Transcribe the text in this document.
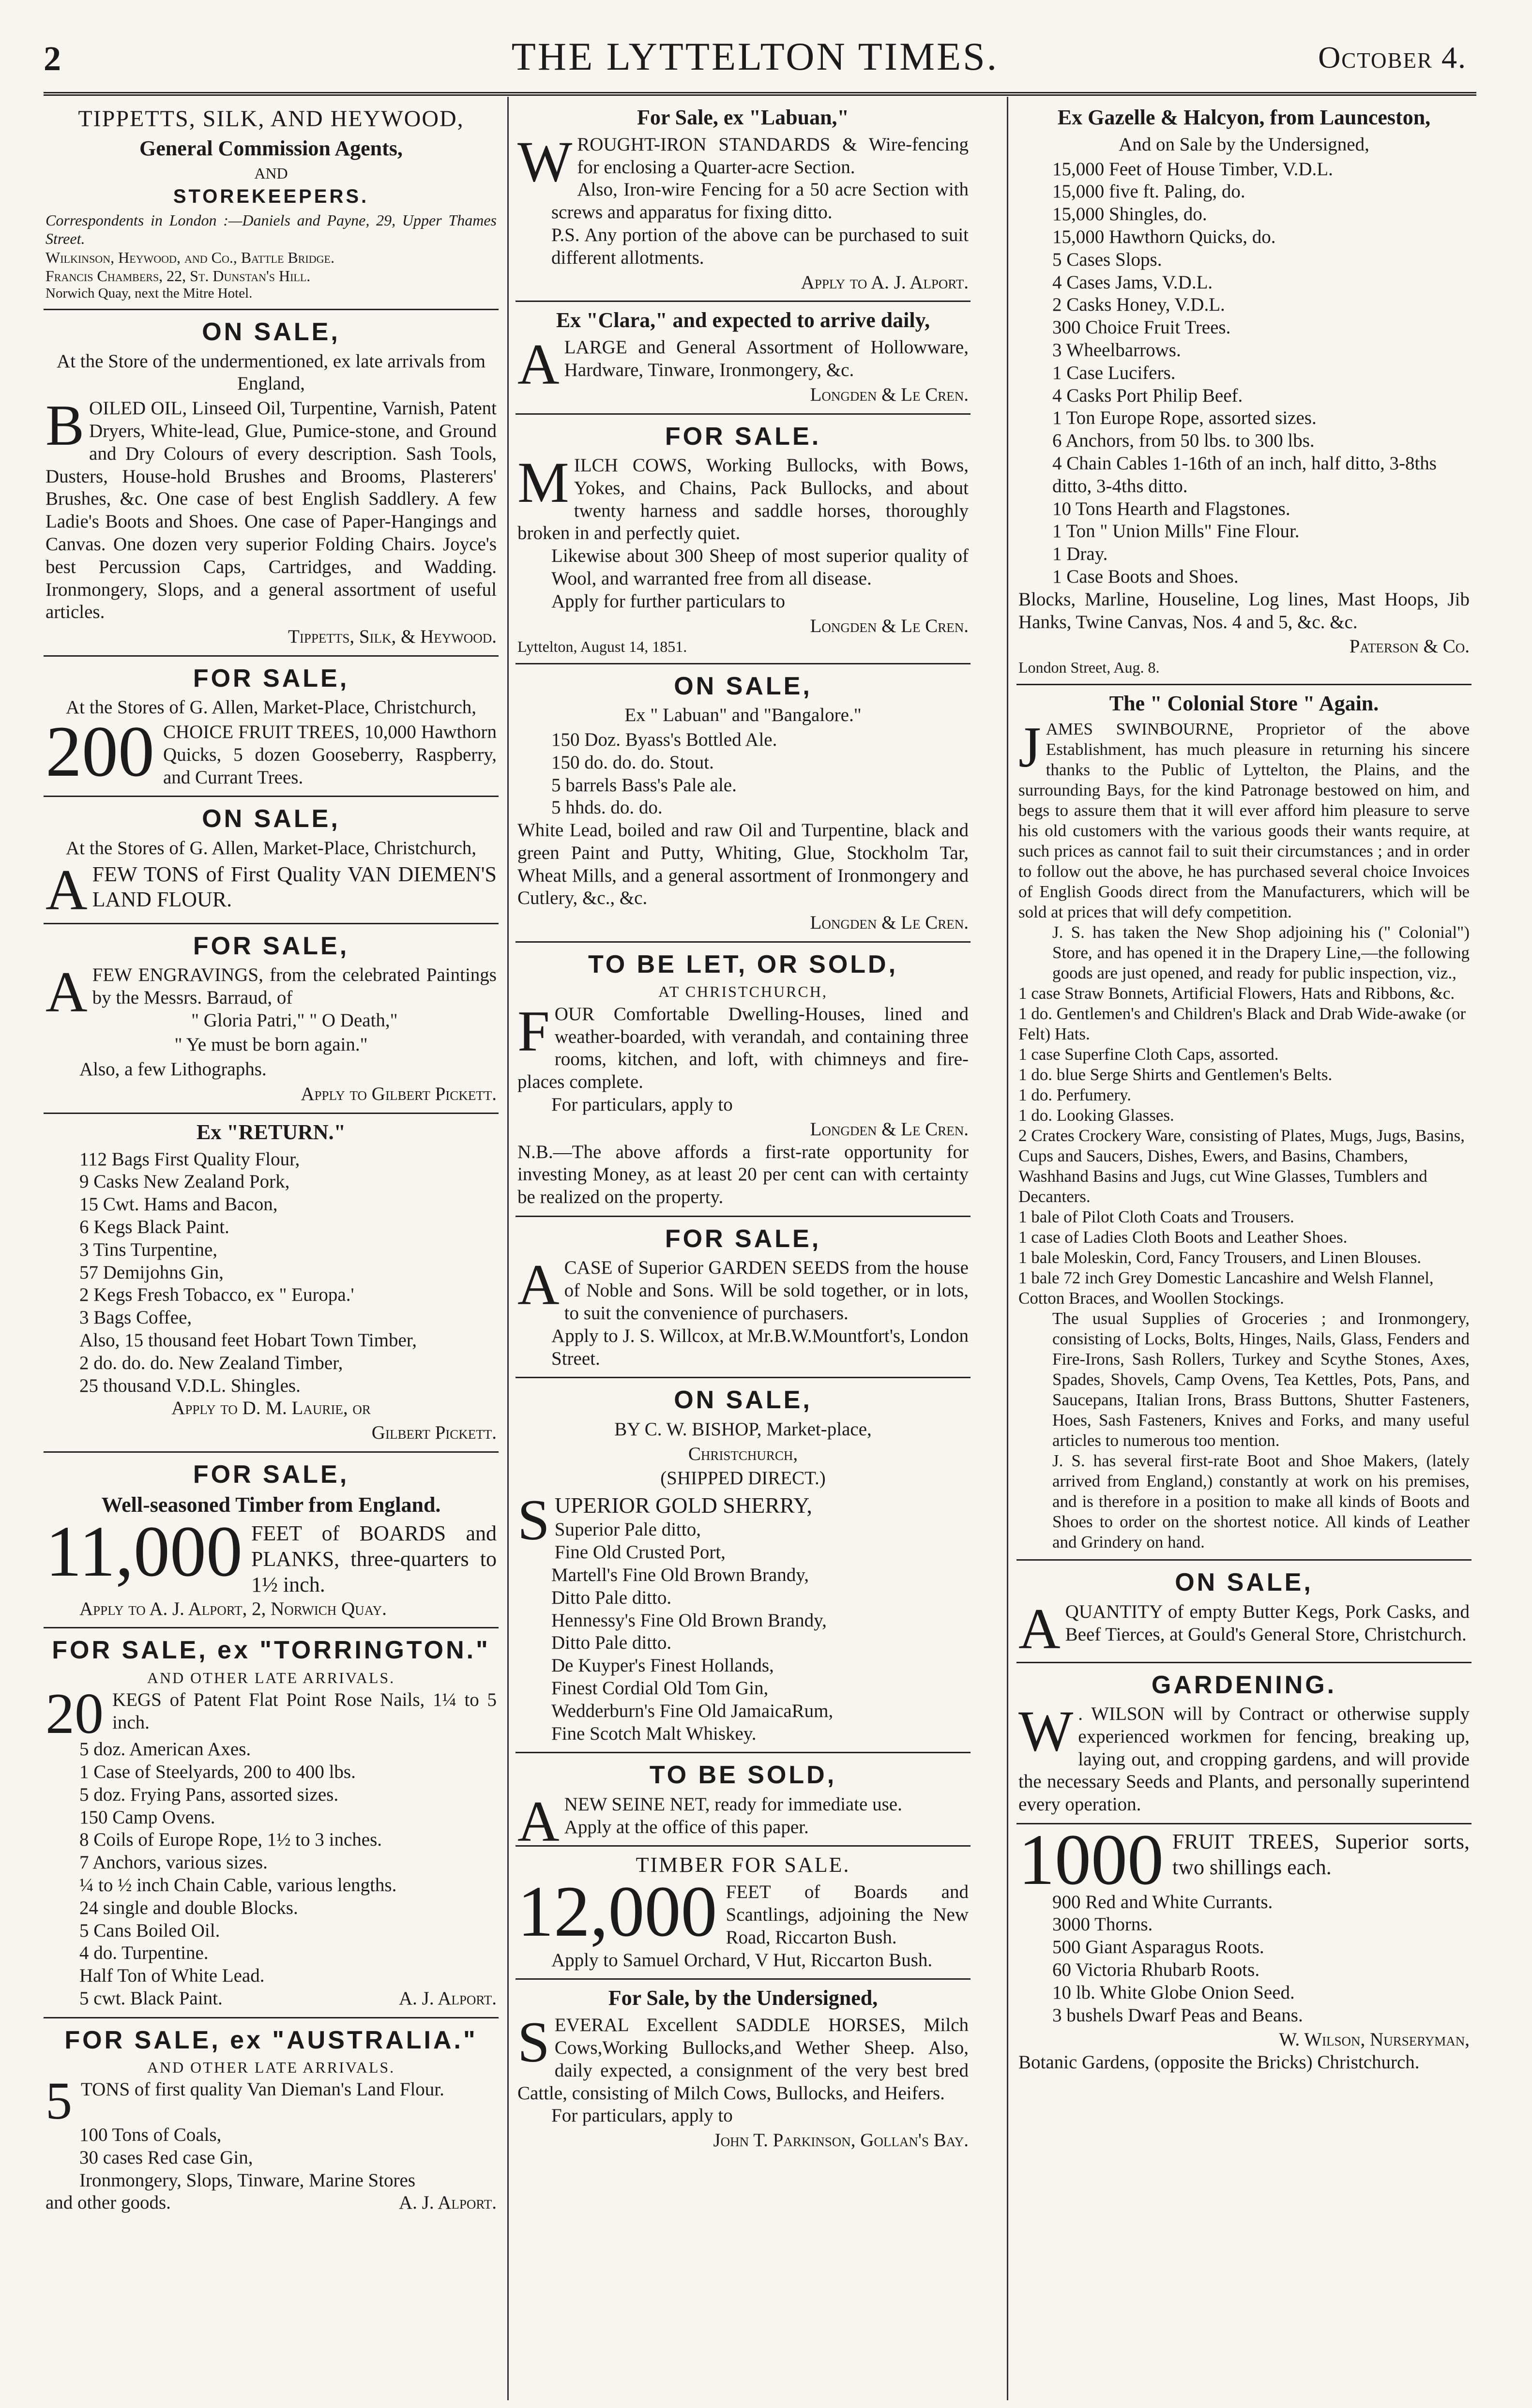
2	THE LYTTELTON TIMES.	October 4.
TIPPETTS, SILK, AND HEYWOOD,
General Commission Agents,
AND
STOREKEEPERS.

Correspondents in London :—Daniels and Payne, 29, Upper Thames Street.

Wilkinson, Heywood, and Co., Battle Bridge.

Francis Chambers, 22, St. Dunstan's Hill.

Norwich Quay, next the Mitre Hotel.

ON SALE,
At the Store of the undermentioned, ex late arrivals from England,
B OILED OIL, Linseed Oil, Turpentine, Varnish, Patent Dryers, White-lead, Glue, Pumice-stone, and Ground and Dry Colours of every description. Sash Tools, Dusters, House-hold Brushes and Brooms, Plasterers' Brushes, &c. One case of best English Saddlery. A few Ladie's Boots and Shoes. One case of Paper-Hangings and Canvas. One dozen very superior Folding Chairs. Joyce's best Percussion Caps, Cartridges, and Wadding. Ironmongery, Slops, and a general assortment of useful articles.

Tippetts, Silk, & Heywood.
FOR SALE,
At the Stores of G. Allen, Market-Place, Christchurch,
200 CHOICE FRUIT TREES, 10,000 Hawthorn Quicks, 5 dozen Gooseberry, Raspberry, and Currant Trees.

ON SALE,
At the Stores of G. Allen, Market-Place, Christchurch,
A FEW TONS of First Quality VAN DIEMEN'S LAND FLOUR.

FOR SALE,
A FEW ENGRAVINGS, from the celebrated Paintings by the Messrs. Barraud, of

" Gloria Patri," " O Death,"
" Ye must be born again."

Also, a few Lithographs.

Apply to Gilbert Pickett.
Ex "RETURN."
112 Bags First Quality Flour,
9 Casks New Zealand Pork,
15 Cwt. Hams and Bacon,
6 Kegs Black Paint.
3 Tins Turpentine,
57 Demijohns Gin,
2 Kegs Fresh Tobacco, ex " Europa.'
3 Bags Coffee,
Also, 15 thousand feet Hobart Town Timber,
2 do. do. do. New Zealand Timber,
25 thousand V.D.L. Shingles.
Apply to D. M. Laurie, or
Gilbert Pickett.
FOR SALE,
Well-seasoned Timber from England.
11,000 FEET of BOARDS and PLANKS, three-quarters to 1½ inch.

Apply to A. J. Alport, 2, Norwich Quay.

FOR SALE, ex "TORRINGTON."
AND OTHER LATE ARRIVALS.
20 KEGS of Patent Flat Point Rose Nails, 1¼ to 5 inch.

5 doz. American Axes.
1 Case of Steelyards, 200 to 400 lbs.
5 doz. Frying Pans, assorted sizes.
150 Camp Ovens.
8 Coils of Europe Rope, 1½ to 3 inches.
7 Anchors, various sizes.
¼ to ½ inch Chain Cable, various lengths.
24 single and double Blocks.
5 Cans Boiled Oil.
4 do. Turpentine.
Half Ton of White Lead.
5 cwt. Black Paint.	A. J. Alport.
FOR SALE, ex "AUSTRALIA."
AND OTHER LATE ARRIVALS.
5 TONS of first quality Van Dieman's Land Flour.

100 Tons of Coals,
30 cases Red case Gin,
Ironmongery, Slops, Tinware, Marine Stores
and other goods.	A. J. Alport.
For Sale, ex "Labuan,"
W ROUGHT-IRON STANDARDS & Wire-fencing for enclosing a Quarter-acre Section.

Also, Iron-wire Fencing for a 50 acre Section with screws and apparatus for fixing ditto.

P.S. Any portion of the above can be purchased to suit different allotments.

Apply to A. J. Alport.
Ex "Clara," and expected to arrive daily,
A LARGE and General Assortment of Hollowware, Hardware, Tinware, Ironmongery, &c.

Longden & Le Cren.
FOR SALE.
M ILCH COWS, Working Bullocks, with Bows, Yokes, and Chains, Pack Bullocks, and about twenty harness and saddle horses, thoroughly broken in and perfectly quiet.

Likewise about 300 Sheep of most superior quality of Wool, and warranted free from all disease.

Apply for further particulars to

Longden & Le Cren.

Lyttelton, August 14, 1851.

ON SALE,
Ex " Labuan" and "Bangalore."
150 Doz. Byass's Bottled Ale.
150 do. do. do. Stout.
5 barrels Bass's Pale ale.
5 hhds. do. do.

White Lead, boiled and raw Oil and Turpentine, black and green Paint and Putty, Whiting, Glue, Stockholm Tar, Wheat Mills, and a general assortment of Ironmongery and Cutlery, &c., &c.

Longden & Le Cren.
TO BE LET, OR SOLD,
AT CHRISTCHURCH,
F OUR Comfortable Dwelling-Houses, lined and weather-boarded, with verandah, and containing three rooms, kitchen, and loft, with chimneys and fire-places complete.

For particulars, apply to

Longden & Le Cren.

N.B.—The above affords a first-rate opportunity for investing Money, as at least 20 per cent can with certainty be realized on the property.

FOR SALE,
A CASE of Superior GARDEN SEEDS from the house of Noble and Sons. Will be sold together, or in lots, to suit the convenience of purchasers.

Apply to J. S. Willcox, at Mr.B.W.Mountfort's, London Street.

ON SALE,
BY C. W. BISHOP, Market-place,
Christchurch,
(SHIPPED DIRECT.)
S UPERIOR GOLD SHERRY,

Superior Pale ditto,
Fine Old Crusted Port,
Martell's Fine Old Brown Brandy,
Ditto Pale ditto.
Hennessy's Fine Old Brown Brandy,
Ditto Pale ditto.
De Kuyper's Finest Hollands,
Finest Cordial Old Tom Gin,
Wedderburn's Fine Old JamaicaRum,
Fine Scotch Malt Whiskey.
TO BE SOLD,
A NEW SEINE NET, ready for immediate use.

Apply at the office of this paper.

TIMBER FOR SALE.
12,000 FEET of Boards and Scantlings, adjoining the New Road, Riccarton Bush.

Apply to Samuel Orchard, V Hut, Riccarton Bush.

For Sale, by the Undersigned,
S EVERAL Excellent SADDLE HORSES, Milch Cows,Working Bullocks,and Wether Sheep. Also, daily expected, a consignment of the very best bred Cattle, consisting of Milch Cows, Bullocks, and Heifers.

For particulars, apply to

John T. Parkinson, Gollan's Bay.
Ex Gazelle & Halcyon, from Launceston,
And on Sale by the Undersigned,
15,000 Feet of House Timber, V.D.L.
15,000 five ft. Paling, do.
15,000 Shingles, do.
15,000 Hawthorn Quicks, do.
5 Cases Slops.
4 Cases Jams, V.D.L.
2 Casks Honey, V.D.L.
300 Choice Fruit Trees.
3 Wheelbarrows.
1 Case Lucifers.
4 Casks Port Philip Beef.
1 Ton Europe Rope, assorted sizes.
6 Anchors, from 50 lbs. to 300 lbs.
4 Chain Cables 1-16th of an inch, half ditto, 3-8ths ditto, 3-4ths ditto.
10 Tons Hearth and Flagstones.
1 Ton " Union Mills" Fine Flour.
1 Dray.
1 Case Boots and Shoes.

Blocks, Marline, Houseline, Log lines, Mast Hoops, Jib Hanks, Twine Canvas, Nos. 4 and 5, &c. &c.

Paterson & Co.

London Street, Aug. 8.

The " Colonial Store " Again.
J AMES SWINBOURNE, Proprietor of the above Establishment, has much pleasure in returning his sincere thanks to the Public of Lyttelton, the Plains, and the surrounding Bays, for the kind Patronage bestowed on him, and begs to assure them that it will ever afford him pleasure to serve his old customers with the various goods their wants require, at such prices as cannot fail to suit their circumstances ; and in order to follow out the above, he has purchased several choice Invoices of English Goods direct from the Manufacturers, which will be sold at prices that will defy competition.

J. S. has taken the New Shop adjoining his (" Colonial") Store, and has opened it in the Drapery Line,—the following goods are just opened, and ready for public inspection, viz.,

1 case Straw Bonnets, Artificial Flowers, Hats and Ribbons, &c.
1 do. Gentlemen's and Children's Black and Drab Wide-awake (or Felt) Hats.
1 case Superfine Cloth Caps, assorted.
1 do. blue Serge Shirts and Gentlemen's Belts.
1 do. Perfumery.
1 do. Looking Glasses.
2 Crates Crockery Ware, consisting of Plates, Mugs, Jugs, Basins, Cups and Saucers, Dishes, Ewers, and Basins, Chambers, Washhand Basins and Jugs, cut Wine Glasses, Tumblers and Decanters.
1 bale of Pilot Cloth Coats and Trousers.
1 case of Ladies Cloth Boots and Leather Shoes.
1 bale Moleskin, Cord, Fancy Trousers, and Linen Blouses.
1 bale 72 inch Grey Domestic Lancashire and Welsh Flannel, Cotton Braces, and Woollen Stockings.

The usual Supplies of Groceries ; and Ironmongery, consisting of Locks, Bolts, Hinges, Nails, Glass, Fenders and Fire-Irons, Sash Rollers, Turkey and Scythe Stones, Axes, Spades, Shovels, Camp Ovens, Tea Kettles, Pots, Pans, and Saucepans, Italian Irons, Brass Buttons, Shutter Fasteners, Hoes, Sash Fasteners, Knives and Forks, and many useful articles to numerous too mention.

J. S. has several first-rate Boot and Shoe Makers, (lately arrived from England,) constantly at work on his premises, and is therefore in a position to make all kinds of Boots and Shoes to order on the shortest notice. All kinds of Leather and Grindery on hand.

ON SALE,
A QUANTITY of empty Butter Kegs, Pork Casks, and Beef Tierces, at Gould's General Store, Christchurch.

GARDENING.
W . WILSON will by Contract or otherwise supply experienced workmen for fencing, breaking up, laying out, and cropping gardens, and will provide the necessary Seeds and Plants, and personally superintend every operation.

1000 FRUIT TREES, Superior sorts, two shillings each.

900 Red and White Currants.
3000 Thorns.
500 Giant Asparagus Roots.
60 Victoria Rhubarb Roots.
10 lb. White Globe Onion Seed.
3 bushels Dwarf Peas and Beans.
W. Wilson, Nurseryman,

Botanic Gardens, (opposite the Bricks) Christchurch.
